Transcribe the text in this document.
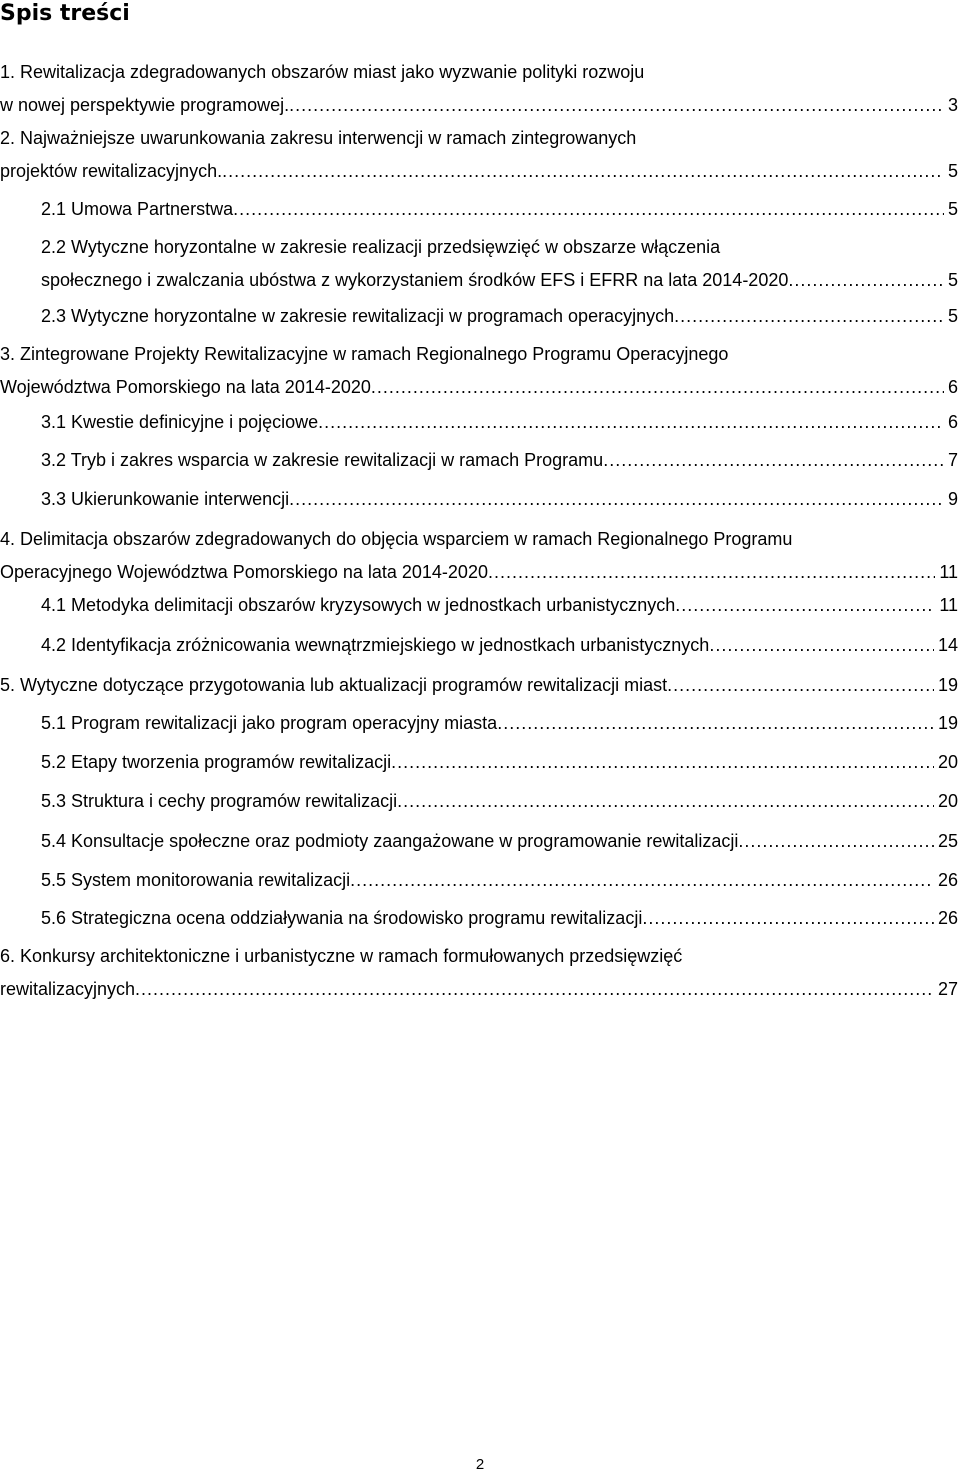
Spis treści
1. Rewitalizacja zdegradowanych obszarów miast jako wyzwanie polityki rozwoju
w nowej perspektywie programowej. . . .	3
2. Najważniejsze uwarunkowania zakresu interwencji w ramach zintegrowanych
projektów rewitalizacyjnych. . . .	5
2.1 Umowa Partnerstwa . . .	5
2.2 Wytyczne horyzontalne w zakresie realizacji przedsięwzięć w obszarze włączenia
społecznego i zwalczania ubóstwa z wykorzystaniem środków EFS i EFRR na lata 2014-2020 . . .	5
2.3 Wytyczne horyzontalne w zakresie rewitalizacji w programach operacyjnych . . .	5
3. Zintegrowane Projekty Rewitalizacyjne w ramach Regionalnego Programu Operacyjnego
Województwa Pomorskiego na lata 2014-2020 . . .	6
3.1 Kwestie definicyjne i pojęciowe . . .	6
3.2 Tryb i zakres wsparcia w zakresie rewitalizacji w ramach Programu . . .	7
3.3 Ukierunkowanie interwencji . . .	9
4. Delimitacja obszarów zdegradowanych do objęcia wsparciem w ramach Regionalnego Programu
Operacyjnego Województwa Pomorskiego na lata 2014-2020 . . .	11
4.1 Metodyka delimitacji obszarów kryzysowych w jednostkach urbanistycznych . . .	11
4.2 Identyfikacja zróżnicowania wewnątrzmiejskiego w jednostkach urbanistycznych . . .	14
5. Wytyczne dotyczące przygotowania lub aktualizacji programów rewitalizacji miast . . .	19
5.1 Program rewitalizacji jako program operacyjny miasta . . .	19
5.2 Etapy tworzenia programów rewitalizacji . . .	20
5.3 Struktura i cechy programów rewitalizacji . . .	20
5.4 Konsultacje społeczne oraz podmioty zaangażowane w programowanie rewitalizacji . . .	25
5.5 System monitorowania rewitalizacji . . .	26
5.6 Strategiczna ocena oddziaływania na środowisko programu rewitalizacji . . .	26
6. Konkursy architektoniczne i urbanistyczne w ramach formułowanych przedsięwzięć
rewitalizacyjnych . . .	27
2
